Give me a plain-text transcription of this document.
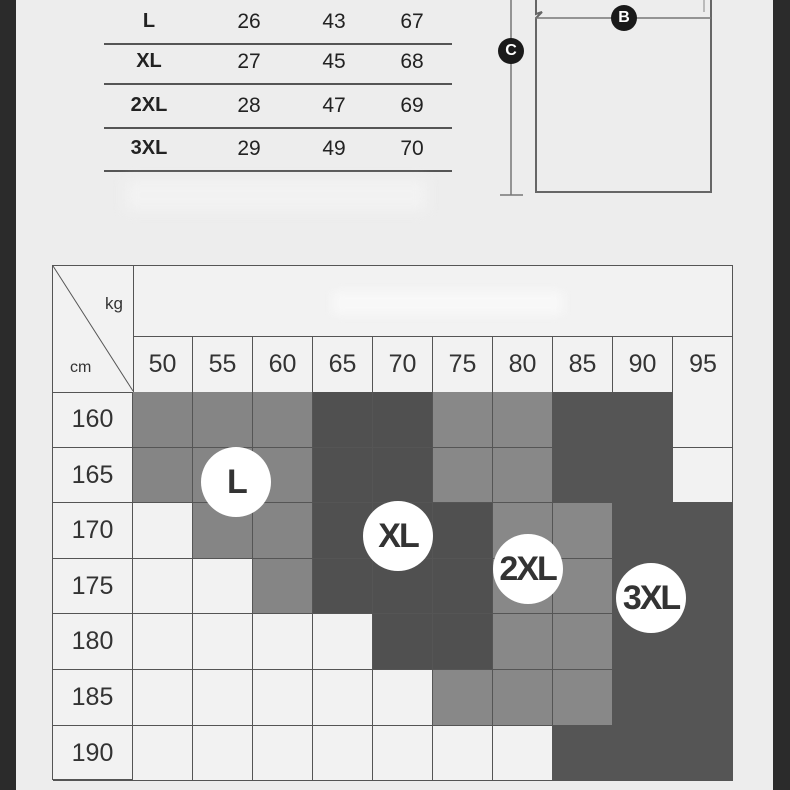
L	26	43	67
XL	27	45	68
2XL	28	47	69
3XL	29	49	70
B
C
kg
cm	50	55	60	65	70	75	80	85	90	95
160
165
170
175
180
185
190
L
XL
2XL
3XL
